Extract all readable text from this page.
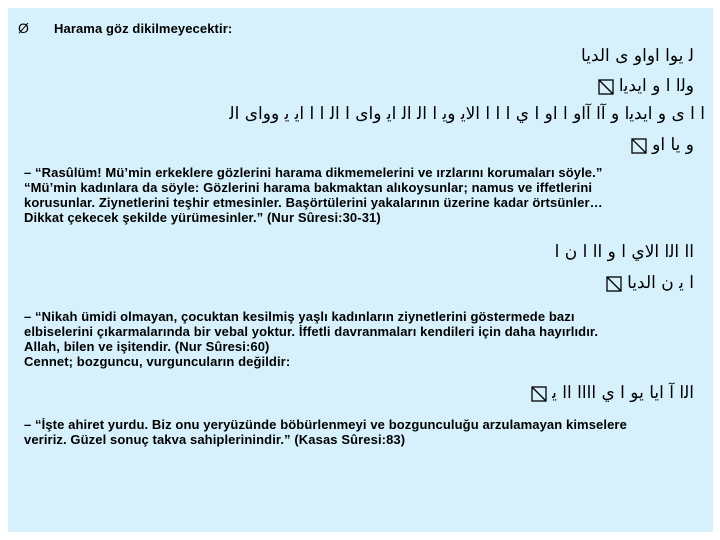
Ø Harama göz dikilmeyecektir:
ﻟ ﻳﻮﺍ ﺍﻭﺍﻭ ﻯ ﺍﻟﺪﻳﺎ
ﻭﻟﺍ ﺍ ﻭ ﺍﻳﺪﻳﺍ
ﺍ ﺍ ﻯ ﻭ ﺍﻳﺪﻳﺍ ﻭ ﺁﺍ ﺁﺍﻭ ﺍ ﺍﻭ ﺍ ﻱ ﺍ ﺍ ﺍ ﺍﻟﺎﻳ ﻭﻳ ﺍ ﺍﻟ ﺍﻟ ﺍﻳ ﻭﺍﻯ ﺍ ﺍﻟ ﺍ ﺍ ﺍﻳ ﻳ ﻭﻭﺍﻯ ﺍﻟ
ﻭ ﻳﺎ ﺍﻭ
– “Rasûlüm! Mü’min erkeklere gözlerini harama dikmemelerini ve ırzlarını korumaları söyle.”
“Mü’min kadınlara da söyle: Gözlerini harama bakmaktan alıkoysunlar; namus ve iffetlerini
korusunlar. Ziynetlerini teşhir etmesinler. Başörtülerini yakalarının üzerine kadar örtsünler…
Dikkat çekecek şekilde yürümesinler.” (Nur Sûresi:30-31)
ﺍﺍ ﺍﻟﺍ ﺍﻟﺎﻱ ﺍ ﻭ ﺍﺍ ﺍ ﻥ ﺍ
ﺍ ﻳ ﻥ ﺍﻟﺪﻳﺎ
– “Nikah ümidi olmayan, çocuktan kesilmiş yaşlı kadınların ziynetlerini göstermede bazı
elbiselerini çıkarmalarında bir vebal yoktur. İffetli davranmaları kendileri için daha hayırlıdır.
Allah, bilen ve işitendir. (Nur Sûresi:60)
Cennet; bozguncu, vurguncuların değildir:
ﺍﻟﺍ ﺁ ﺍﻳﺎ ﻳﻮ ﺍ ﻱ ﺍﺍﺍﺍ ﺍﺍ ﻳ
– “İşte ahiret yurdu. Biz onu yeryüzünde böbürlenmeyi ve bozgunculuğu arzulamayan kimselere
veririz. Güzel sonuç takva sahiplerinindir.” (Kasas Sûresi:83)
